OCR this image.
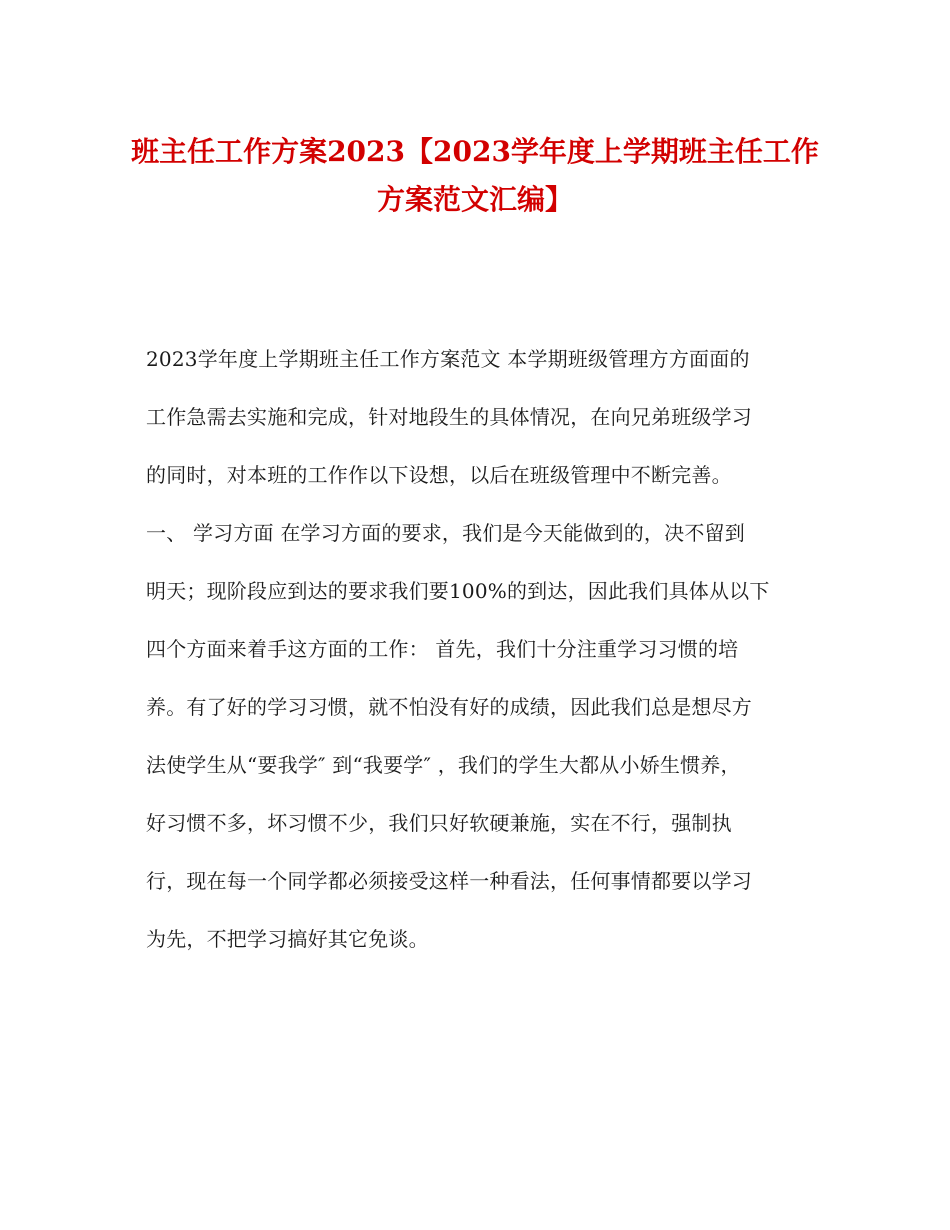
班主任工作方案2023【2023学年度上学期班主任工作
方案范文汇编】
2023学年度上学期班主任工作方案范文 本学期班级管理方方面面的
工作急需去实施和完成，针对地段生的具体情况，在向兄弟班级学习
的同时，对本班的工作作以下设想，以后在班级管理中不断完善。
一、 学习方面 在学习方面的要求，我们是今天能做到的，决不留到
明天；现阶段应到达的要求我们要100%的到达，因此我们具体从以下
四个方面来着手这方面的工作： 首先，我们十分注重学习习惯的培
养。有了好的学习习惯，就不怕没有好的成绩，因此我们总是想尽方
法使学生从“要我学″ 到“我要学″ ，我们的学生大都从小娇生惯养，
好习惯不多，坏习惯不少，我们只好软硬兼施，实在不行，强制执
行，现在每一个同学都必须接受这样一种看法，任何事情都要以学习
为先，不把学习搞好其它免谈。
